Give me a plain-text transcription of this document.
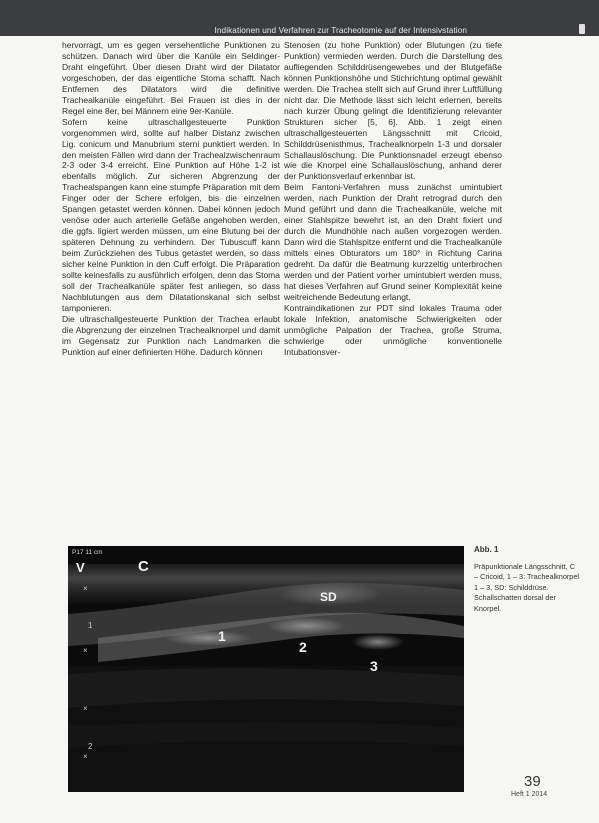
Indikationen und Verfahren zur Tracheotomie auf der Intensivstation

hervorragt, um es gegen versehentliche Punktionen zu schützen. Danach wird über die Kanüle ein Seldinger-Draht eingeführt. Über diesen Draht wird der Dilatator vorgeschoben, der das eigentliche Stoma schafft. Nach Entfernen des Dilatators wird die definitive Trachealkanüle eingeführt. Bei Frauen ist dies in der Regel eine 8er, bei Männern eine 9er-Kanüle.

Sofern keine ultraschallgesteuerte Punktion vorgenommen wird, sollte auf halber Distanz zwischen Lig. conicum und Manubrium sterni punktiert werden. In den meisten Fällen wird dann der Trachealzwischenraum 2-3 oder 3-4 erreicht. Eine Punktion auf Höhe 1-2 ist ebenfalls möglich. Zur sicheren Abgrenzung der Trachealspangen kann eine stumpfe Präparation mit dem Finger oder der Schere erfolgen, bis die einzelnen Spangen getastet werden können. Dabei können jedoch venöse oder auch arterielle Gefäße angehoben werden, die ggfs. ligiert werden müssen, um eine Blutung bei der späteren Dehnung zu verhindern. Der Tubuscuff kann beim Zurückziehen des Tubus getastet werden, so dass sicher keine Punktion in den Cuff erfolgt. Die Präparation sollte keinesfalls zu ausführlich erfolgen, denn das Stoma soll der Trachealkanüle später fest anliegen, so dass Nachblutungen aus dem Dilatationskanal sich selbst tamponieren.

Die ultraschallgesteuerte Punktion der Trachea erlaubt die Abgrenzung der einzelnen Trachealknorpel und damit im Gegensatz zur Punktion nach Landmarken die Punktion auf einer definierten Höhe. Dadurch können

Stenosen (zu hohe Punktion) oder Blutungen (zu tiefe Punktion) vermieden werden. Durch die Darstellung des aufliegenden Schilddrüsengewebes und der Blutgefäße können Punktionshöhe und Stichrichtung optimal gewählt werden. Die Trachea stellt sich auf Grund ihrer Luftfüllung nicht dar. Die Methode lässt sich leicht erlernen, bereits nach kurzer Übung gelingt die Identifizierung relevanter Strukturen sicher [5, 6]. Abb. 1 zeigt einen ultraschallgesteuerten Längsschnitt mit Cricoid, Schilddrüsenisthmus, Trachealknorpeln 1-3 und dorsaler Schallauslöschung. Die Punktionsnadel erzeugt ebenso wie die Knorpel eine Schallauslöschung, anhand derer der Punktionsverlauf erkennbar ist.

Beim Fantoni-Verfahren muss zunächst umintubiert werden, nach Punktion der Draht retrograd durch den Mund geführt und dann die Trachealkanüle, welche mit einer Stahlspitze bewehrt ist, an den Draht fixiert und durch die Mundhöhle nach außen vorgezogen werden. Dann wird die Stahlspitze entfernt und die Trachealkanüle mittels eines Obturators um 180° in Richtung Carina gedreht. Da dafür die Beatmung kurzzeitig unterbrochen werden und der Patient vorher umintubiert werden muss, hat dieses Verfahren auf Grund seiner Komplexität keine weitreichende Bedeutung erlangt.

Kontraindikationen zur PDT sind lokales Trauma oder lokale Infektion, anatomische Schwierigkeiten oder unmögliche Palpation der Trachea, große Struma, schwierige oder unmögliche konventionelle Intubationsver-

P17 11 cm
V	C
SD
1
2
3
×
×
1
×
2
×
Abb. 1
Präpunktionale Längsschnitt, C – Cricoid, 1 – 3: Trachealknorpel 1 – 3, SD: Schilddrüse. Schallschatten dorsal der Knorpel.
39
Heft 1 2014
